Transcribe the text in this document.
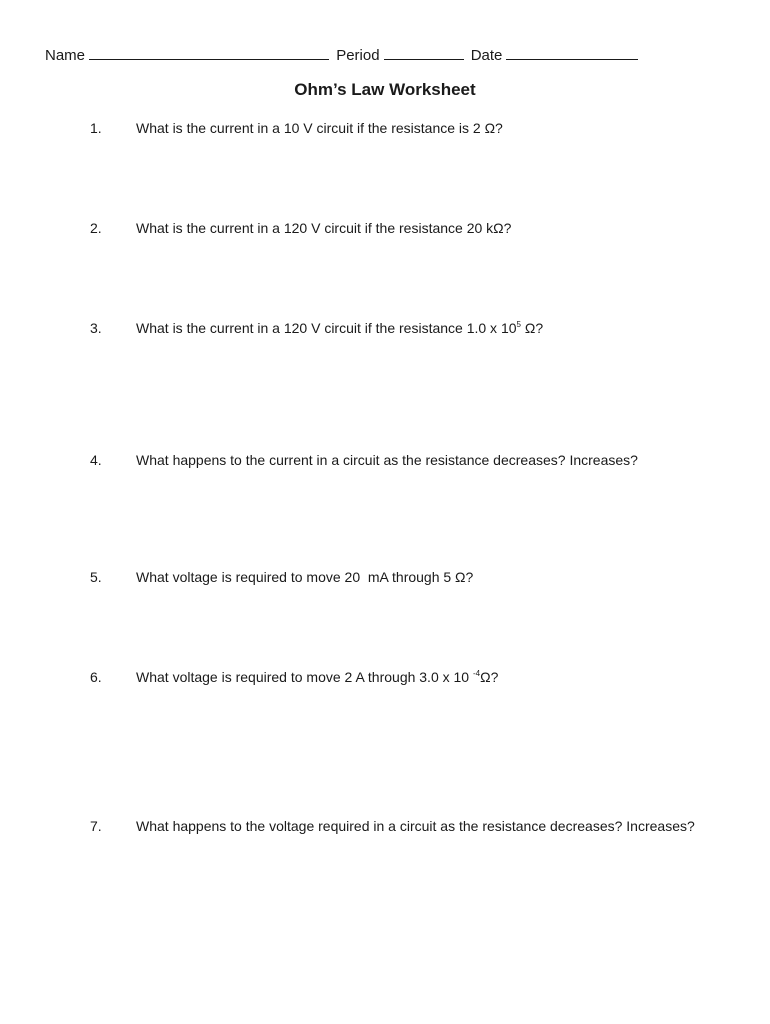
Name	Period	Date
Ohm’s Law Worksheet
1. What is the current in a 10 V circuit if the resistance is 2 Ω?
2. What is the current in a 120 V circuit if the resistance 20 kΩ?
3. What is the current in a 120 V circuit if the resistance 1.0 x $10^5$ Ω?
4. What happens to the current in a circuit as the resistance decreases? Increases?
5. What voltage is required to move 20  mA through 5 Ω?
6. What voltage is required to move 2 A through 3.0 x 10 $^{-4}$Ω?
7. What happens to the voltage required in a circuit as the resistance decreases? Increases?
